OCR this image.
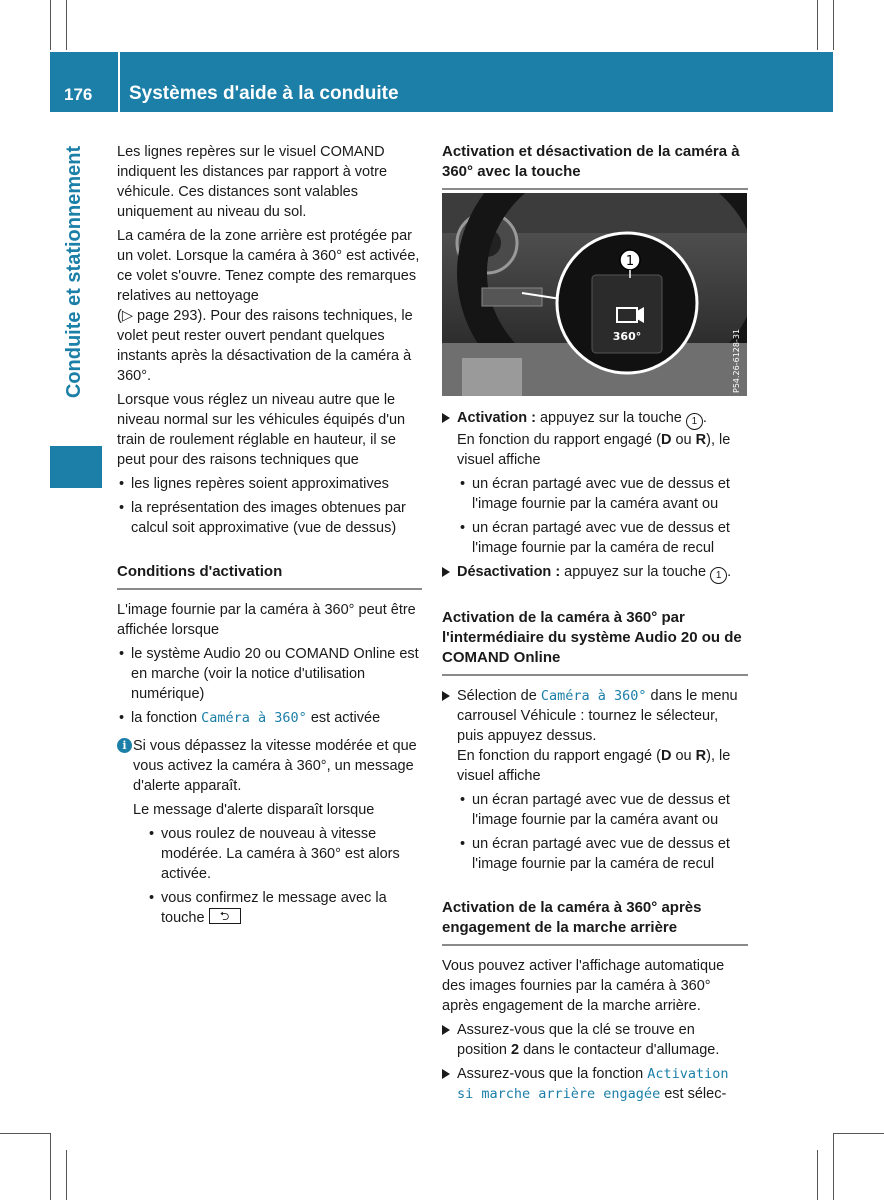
176 Systèmes d'aide à la conduite
Conduite et stationnement	Les lignes repères sur le visuel COMAND indiquent les distances par rapport à votre véhicule. Ces distances sont valables uniquement au niveau du sol.

La caméra de la zone arrière est protégée par un volet. Lorsque la caméra à 360° est activée, ce volet s'ouvre. Tenez compte des remarques relatives au nettoyage
(▷ page 293). Pour des raisons techniques, le volet peut rester ouvert pendant quelques instants après la désactivation de la caméra à 360°.

Lorsque vous réglez un niveau autre que le niveau normal sur les véhicules équipés d'un train de roulement réglable en hauteur, il se peut pour des raisons techniques que

• les lignes repères soient approximatives
• la représentation des images obtenues par calcul soit approximative (vue de dessus)

Conditions d'activation

L'image fournie par la caméra à 360° peut être affichée lorsque

• le système Audio 20 ou COMAND Online est en marche (voir la notice d'utilisation numérique)
• la fonction Caméra à 360° est activée
i Si vous dépassez la vitesse modérée et que vous activez la caméra à 360°, un message d'alerte apparaît.

Le message d'alerte disparaît lorsque

• vous roulez de nouveau à vitesse modérée. La caméra à 360° est alors activée.
• vous confirmez le message avec la touche ⮌

Activation et désactivation de la caméra à 360° avec la touche

1
360°	P54.26-6128-31
Activation : appuyez sur la touche 1 .
En fonction du rapport engagé (D ou R), le visuel affiche
• un écran partagé avec vue de dessus et l'image fournie par la caméra avant ou
• un écran partagé avec vue de dessus et l'image fournie par la caméra de recul
Désactivation : appuyez sur la touche 1 .

Activation de la caméra à 360° par l'intermédiaire du système Audio 20 ou de COMAND Online

Sélection de Caméra à 360° dans le menu carrousel Véhicule : tournez le sélecteur, puis appuyez dessus.
En fonction du rapport engagé (D ou R), le visuel affiche
• un écran partagé avec vue de dessus et l'image fournie par la caméra avant ou
• un écran partagé avec vue de dessus et l'image fournie par la caméra de recul

Activation de la caméra à 360° après engagement de la marche arrière

Vous pouvez activer l'affichage automatique des images fournies par la caméra à 360° après engagement de la marche arrière.

Assurez-vous que la clé se trouve en position 2 dans le contacteur d'allumage.
Assurez-vous que la fonction Activation si marche arrière engagée est sélec-
